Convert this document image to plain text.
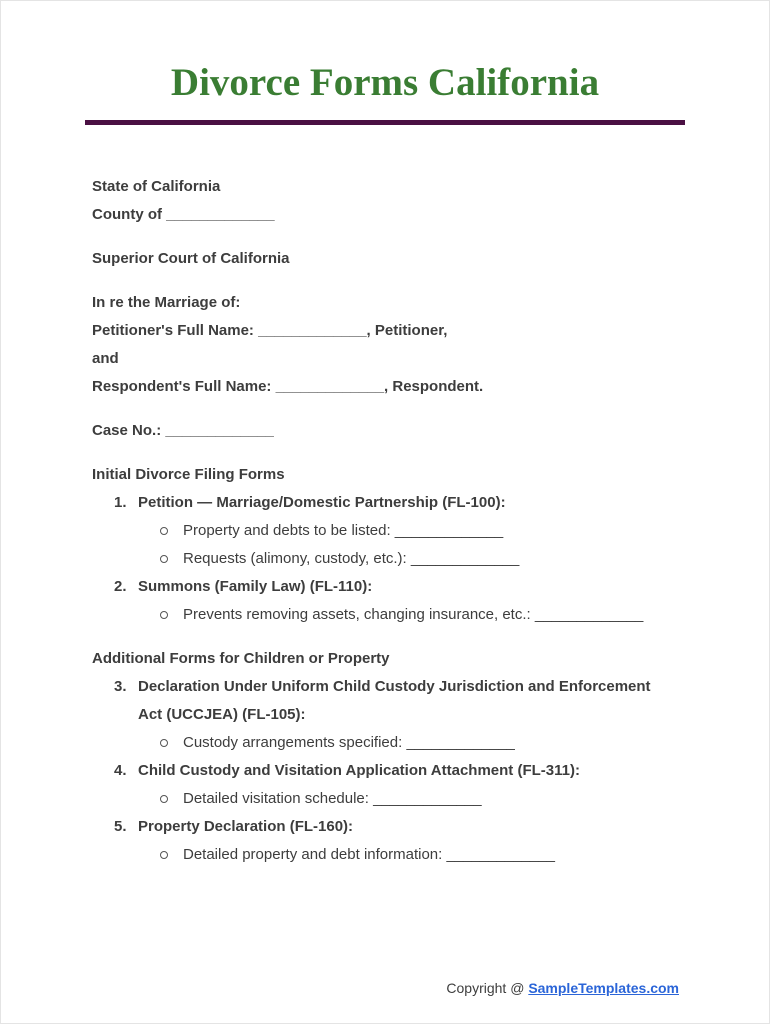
Divorce Forms California

State of California

County of _____________

Superior Court of California

In re the Marriage of:

Petitioner's Full Name: _____________, Petitioner,

and

Respondent's Full Name: _____________, Respondent.

Case No.: _____________

Initial Divorce Filing Forms

1. Petition — Marriage/Domestic Partnership (FL-100):
Property and debts to be listed: _____________
Requests (alimony, custody, etc.): _____________
2. Summons (Family Law) (FL-110):
Prevents removing assets, changing insurance, etc.: _____________

Additional Forms for Children or Property

3. Declaration Under Uniform Child Custody Jurisdiction and Enforcement
Act (UCCJEA) (FL-105):
Custody arrangements specified: _____________
4. Child Custody and Visitation Application Attachment (FL-311):
Detailed visitation schedule: _____________
5. Property Declaration (FL-160):
Detailed property and debt information: _____________
Copyright @ SampleTemplates.com
